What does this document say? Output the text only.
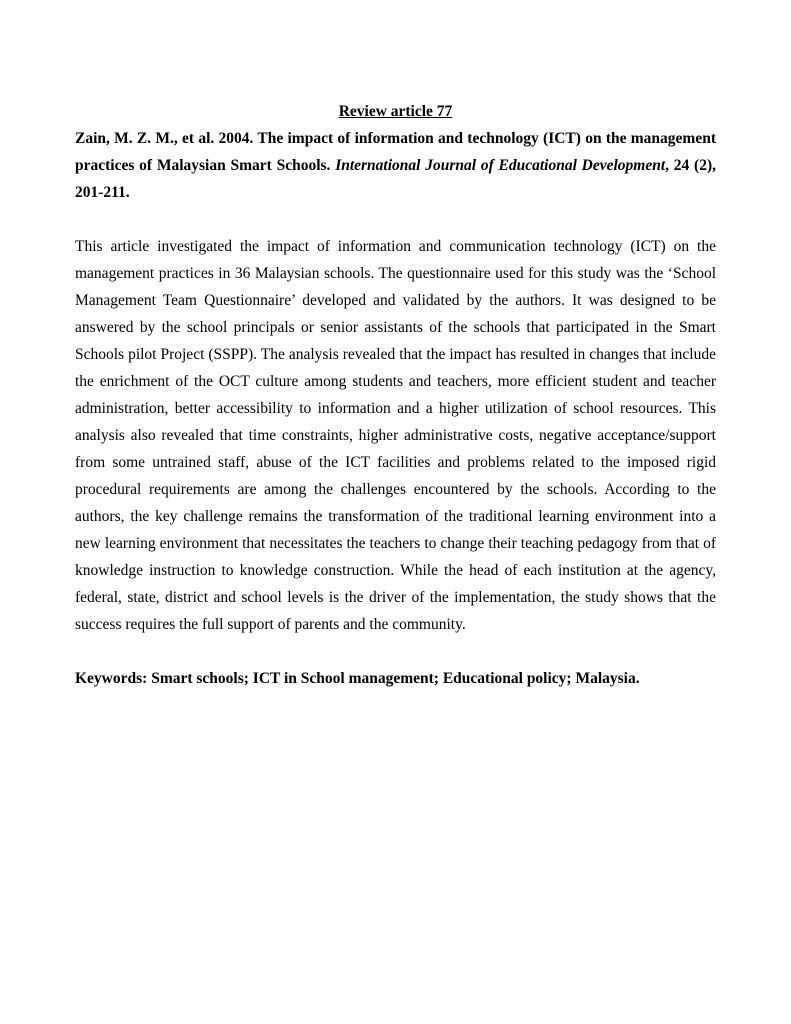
Review article 77

Zain, M. Z. M., et al. 2004. The impact of information and technology (ICT) on the management practices of Malaysian Smart Schools. International Journal of Educational Development, 24 (2), 201-211.

This article investigated the impact of information and communication technology (ICT) on the management practices in 36 Malaysian schools. The questionnaire used for this study was the ‘School Management Team Questionnaire’ developed and validated by the authors. It was designed to be answered by the school principals or senior assistants of the schools that participated in the Smart Schools pilot Project (SSPP). The analysis revealed that the impact has resulted in changes that include the enrichment of the OCT culture among students and teachers, more efficient student and teacher administration, better accessibility to information and a higher utilization of school resources. This analysis also revealed that time constraints, higher administrative costs, negative acceptance/support from some untrained staff, abuse of the ICT facilities and problems related to the imposed rigid procedural requirements are among the challenges encountered by the schools. According to the authors, the key challenge remains the transformation of the traditional learning environment into a new learning environment that necessitates the teachers to change their teaching pedagogy from that of knowledge instruction to knowledge construction. While the head of each institution at the agency, federal, state, district and school levels is the driver of the implementation, the study shows that the success requires the full support of parents and the community.

Keywords: Smart schools; ICT in School management; Educational policy; Malaysia.
